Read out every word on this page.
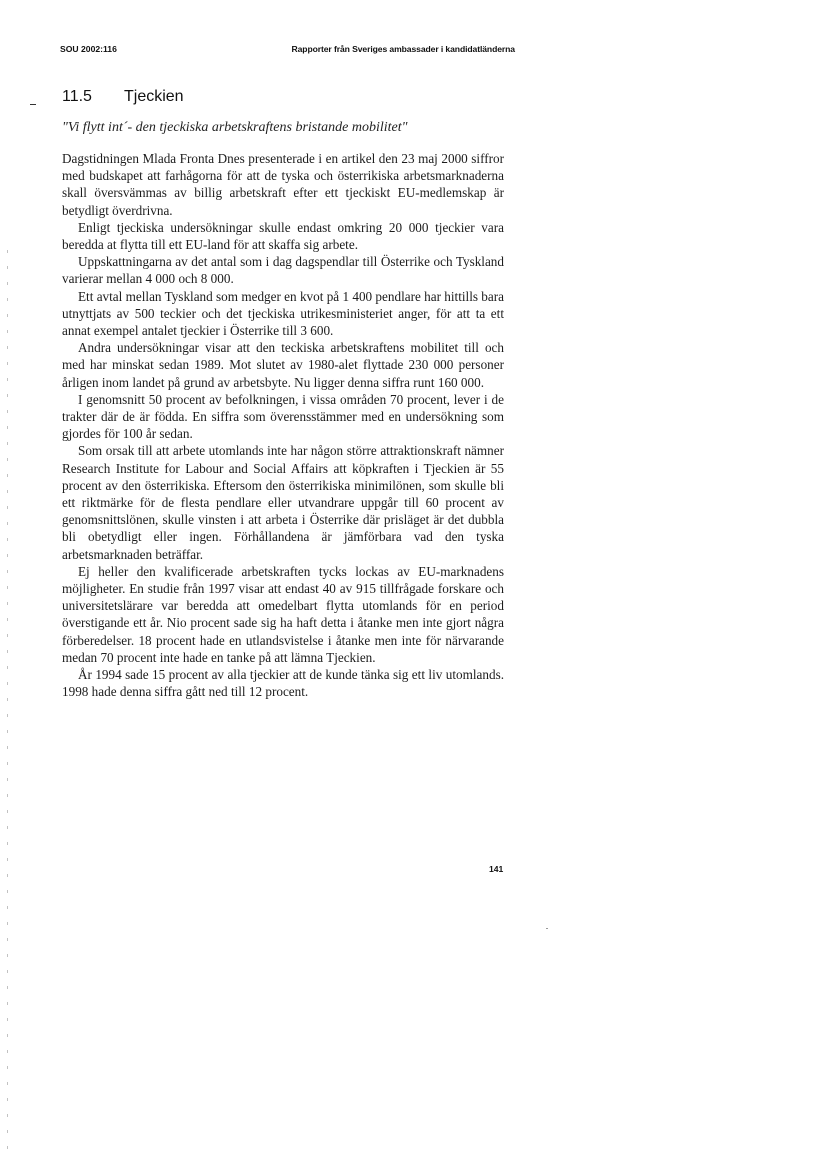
SOU 2002:116	Rapporter från Sveriges ambassader i kandidatländerna
11.5 Tjeckien
"Vi flytt int´- den tjeckiska arbetskraftens bristande mobilitet"

Dagstidningen Mlada Fronta Dnes presenterade i en artikel den 23 maj 2000 siffror med budskapet att farhågorna för att de tyska och österrikiska arbetsmarknaderna skall översvämmas av billig arbetskraft efter ett tjeckiskt EU-medlemskap är betydligt överdrivna.

Enligt tjeckiska undersökningar skulle endast omkring 20 000 tjeckier vara beredda at flytta till ett EU-land för att skaffa sig arbete.

Uppskattningarna av det antal som i dag dagspendlar till Österrike och Tyskland varierar mellan 4 000 och 8 000.

Ett avtal mellan Tyskland som medger en kvot på 1 400 pendlare har hittills bara utnyttjats av 500 teckier och det tjeckiska utrikesministeriet anger, för att ta ett annat exempel antalet tjeckier i Österrike till 3 600.

Andra undersökningar visar att den teckiska arbetskraftens mobilitet till och med har minskat sedan 1989. Mot slutet av 1980-alet flyttade 230 000 personer årligen inom landet på grund av arbetsbyte. Nu ligger denna siffra runt 160 000.

I genomsnitt 50 procent av befolkningen, i vissa områden 70 procent, lever i de trakter där de är födda. En siffra som överensstämmer med en undersökning som gjordes för 100 år sedan.

Som orsak till att arbete utomlands inte har någon större attraktionskraft nämner Research Institute for Labour and Social Affairs att köpkraften i Tjeckien är 55 procent av den österrikiska. Eftersom den österrikiska minimilönen, som skulle bli ett riktmärke för de flesta pendlare eller utvandrare uppgår till 60 procent av genomsnittslönen, skulle vinsten i att arbeta i Österrike där prisläget är det dubbla bli obetydligt eller ingen. Förhållandena är jämförbara vad den tyska arbetsmarknaden beträffar.

Ej heller den kvalificerade arbetskraften tycks lockas av EU-marknadens möjligheter. En studie från 1997 visar att endast 40 av 915 tillfrågade forskare och universitetslärare var beredda att omedelbart flytta utomlands för en period överstigande ett år. Nio procent sade sig ha haft detta i åtanke men inte gjort några förberedelser. 18 procent hade en utlandsvistelse i åtanke men inte för närvarande medan 70 procent inte hade en tanke på att lämna Tjeckien.

År 1994 sade 15 procent av alla tjeckier att de kunde tänka sig ett liv utomlands. 1998 hade denna siffra gått ned till 12 procent.

141
